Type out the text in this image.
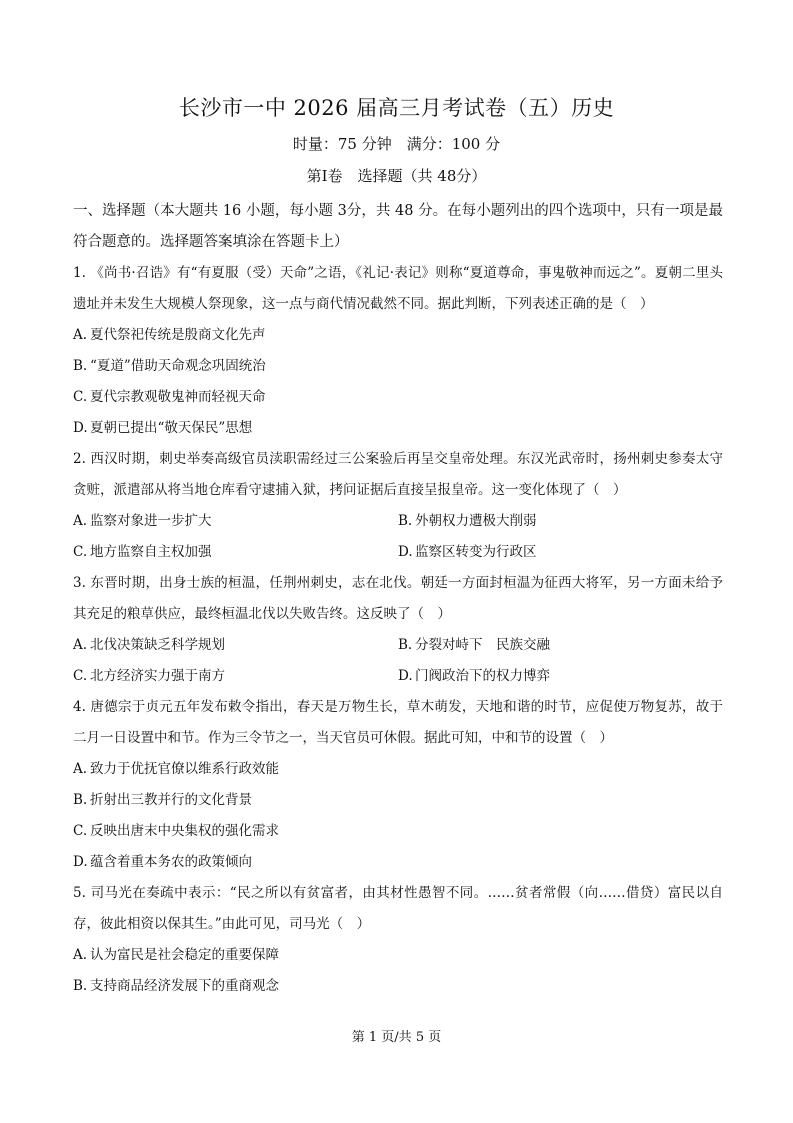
长沙市一中 2026 届高三月考试卷（五）历史
时量：75 分钟　满分：100 分
第Ⅰ卷　选择题（共 48分）
一、选择题（本大题共 16 小题，每小题 3分，共 48 分。在每小题列出的四个选项中，只有一项是最符合题意的。选择题答案填涂在答题卡上）

1. 《尚书·召诰》有“有夏服（受）天命”之语，《礼记·表记》则称“夏道尊命，事鬼敬神而远之”。夏朝二里头遗址并未发生大规模人祭现象，这一点与商代情况截然不同。据此判断，下列表述正确的是（　）

A. 夏代祭祀传统是殷商文化先声
B. “夏道”借助天命观念巩固统治
C. 夏代宗教观敬鬼神而轻视天命
D. 夏朝已提出“敬天保民”思想

2. 西汉时期，刺史举奏高级官员渎职需经过三公案验后再呈交皇帝处理。东汉光武帝时，扬州刺史参奏太守贪赃，派遣部从将当地仓库看守逮捕入狱，拷问证据后直接呈报皇帝。这一变化体现了（　）

A. 监察对象进一步扩大	B. 外朝权力遭极大削弱
C. 地方监察自主权加强	D. 监察区转变为行政区

3. 东晋时期，出身士族的桓温，任荆州刺史，志在北伐。朝廷一方面封桓温为征西大将军，另一方面未给予其充足的粮草供应，最终桓温北伐以失败告终。这反映了（　）

A. 北伐决策缺乏科学规划	B. 分裂对峙下　民族交融
C. 北方经济实力强于南方	D. 门阀政治下的权力博弈

4. 唐德宗于贞元五年发布敕令指出，春天是万物生长，草木萌发，天地和谐的时节，应促使万物复苏，故于二月一日设置中和节。作为三令节之一，当天官员可休假。据此可知，中和节的设置（　）

A. 致力于优抚官僚以维系行政效能
B. 折射出三教并行的文化背景
C. 反映出唐末中央集权的强化需求
D. 蕴含着重本务农的政策倾向

5. 司马光在奏疏中表示：“民之所以有贫富者，由其材性愚智不同。……贫者常假（向……借贷）富民以自存，彼此相资以保其生。”由此可见，司马光（　）

A. 认为富民是社会稳定的重要保障
B. 支持商品经济发展下的重商观念
第 1 页/共 5 页
